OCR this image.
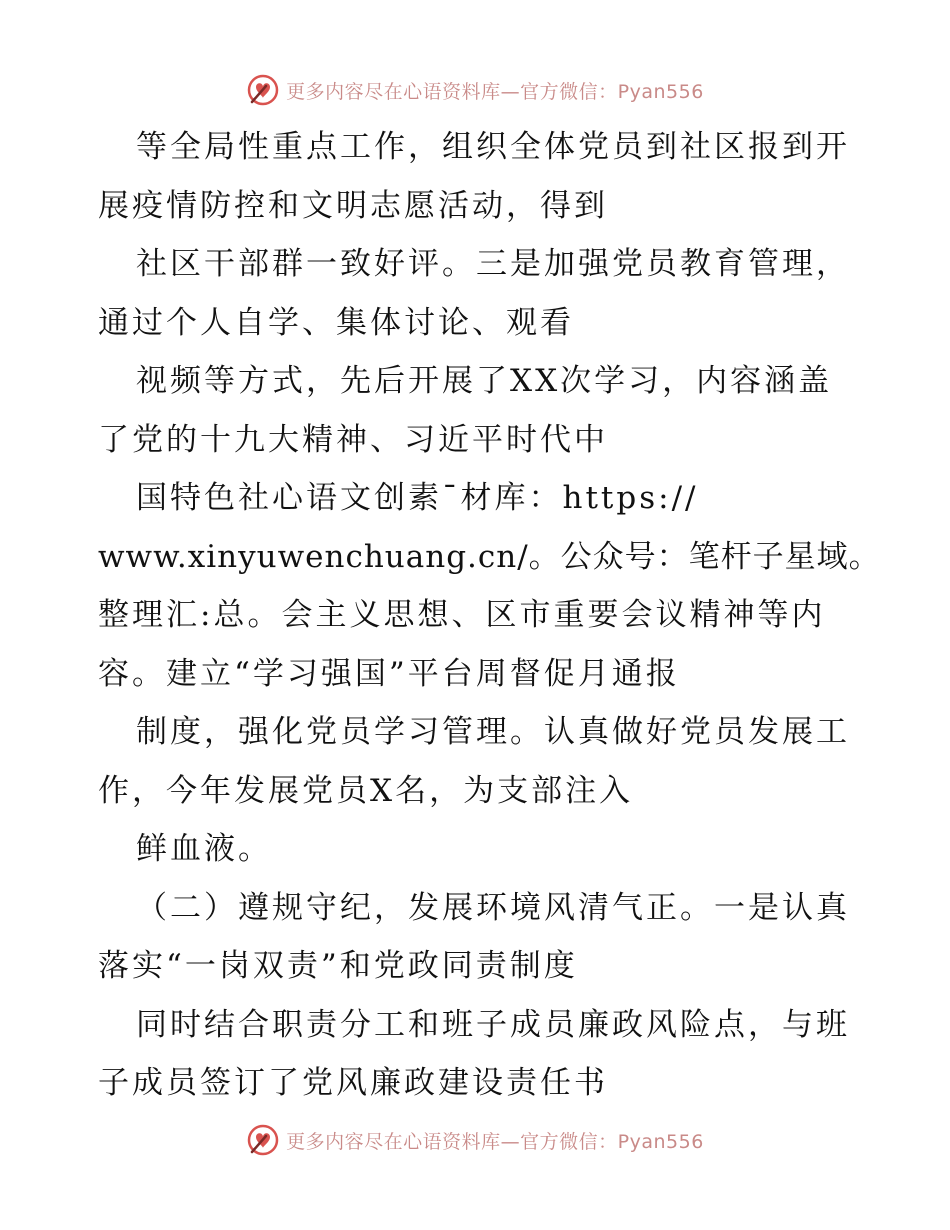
更多内容尽在心语资料库—官方微信：Pyan556
等全局性重点工作，组织全体党员到社区报到开
展疫情防控和文明志愿活动，得到
社区干部群一致好评。三是加强党员教育管理，
通过个人自学、集体讨论、观看
视频等方式，先后开展了XX次学习，内容涵盖
了党的十九大精神、习近平时代中
国特色社心语文创素¯材库：https://
www.xinyuwenchuang.cn/。公众号：笔杆子星域。
整理汇:总。会主义思想、区市重要会议精神等内
容。建立“学习强国”平台周督促月通报
制度，强化党员学习管理。认真做好党员发展工
作，今年发展党员X名，为支部注入
鲜血液。
（二）遵规守纪，发展环境风清气正。一是认真
落实“一岗双责”和党政同责制度
同时结合职责分工和班子成员廉政风险点，与班
子成员签订了党风廉政建设责任书
更多内容尽在心语资料库—官方微信：Pyan556
